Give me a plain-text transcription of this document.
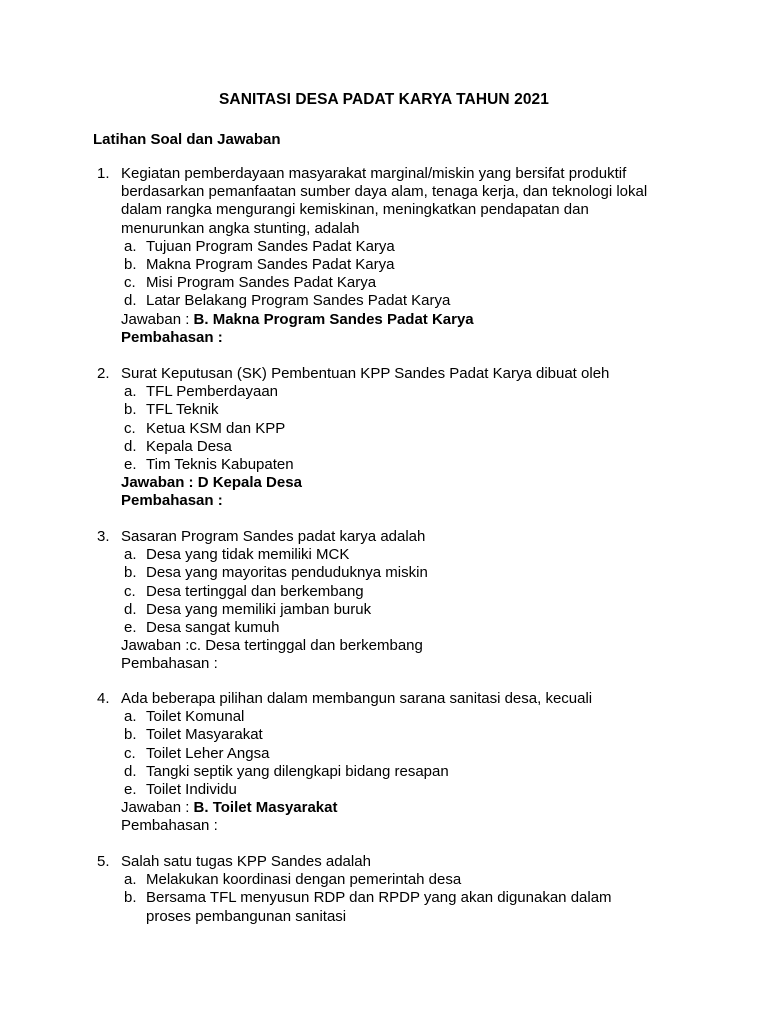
SANITASI DESA PADAT KARYA TAHUN 2021
Latihan Soal dan Jawaban
1. Kegiatan pemberdayaan masyarakat marginal/miskin yang bersifat produktif berdasarkan pemanfaatan sumber daya alam, tenaga kerja, dan teknologi lokal dalam rangka mengurangi kemiskinan, meningkatkan pendapatan dan menurunkan angka stunting, adalah
a. Tujuan Program Sandes Padat Karya
b. Makna Program Sandes Padat Karya
c. Misi Program Sandes Padat Karya
d. Latar Belakang Program Sandes Padat Karya
Jawaban : B. Makna Program Sandes Padat Karya
Pembahasan :
2. Surat Keputusan (SK) Pembentuan KPP Sandes Padat Karya dibuat oleh
a. TFL Pemberdayaan
b. TFL Teknik
c. Ketua KSM dan KPP
d. Kepala Desa
e. Tim Teknis Kabupaten
Jawaban : D Kepala Desa
Pembahasan :
3. Sasaran Program Sandes padat karya adalah
a. Desa yang tidak memiliki MCK
b. Desa yang mayoritas penduduknya miskin
c. Desa tertinggal dan berkembang
d. Desa yang memiliki jamban buruk
e. Desa sangat kumuh
Jawaban :c. Desa tertinggal dan berkembang
Pembahasan :
4. Ada beberapa pilihan dalam membangun sarana sanitasi desa, kecuali
a. Toilet Komunal
b. Toilet Masyarakat
c. Toilet Leher Angsa
d. Tangki septik yang dilengkapi bidang resapan
e. Toilet Individu
Jawaban : B. Toilet Masyarakat
Pembahasan :
5. Salah satu tugas KPP Sandes adalah
a. Melakukan koordinasi dengan pemerintah desa
b. Bersama TFL menyusun RDP dan RPDP yang akan digunakan dalam proses pembangunan sanitasi
